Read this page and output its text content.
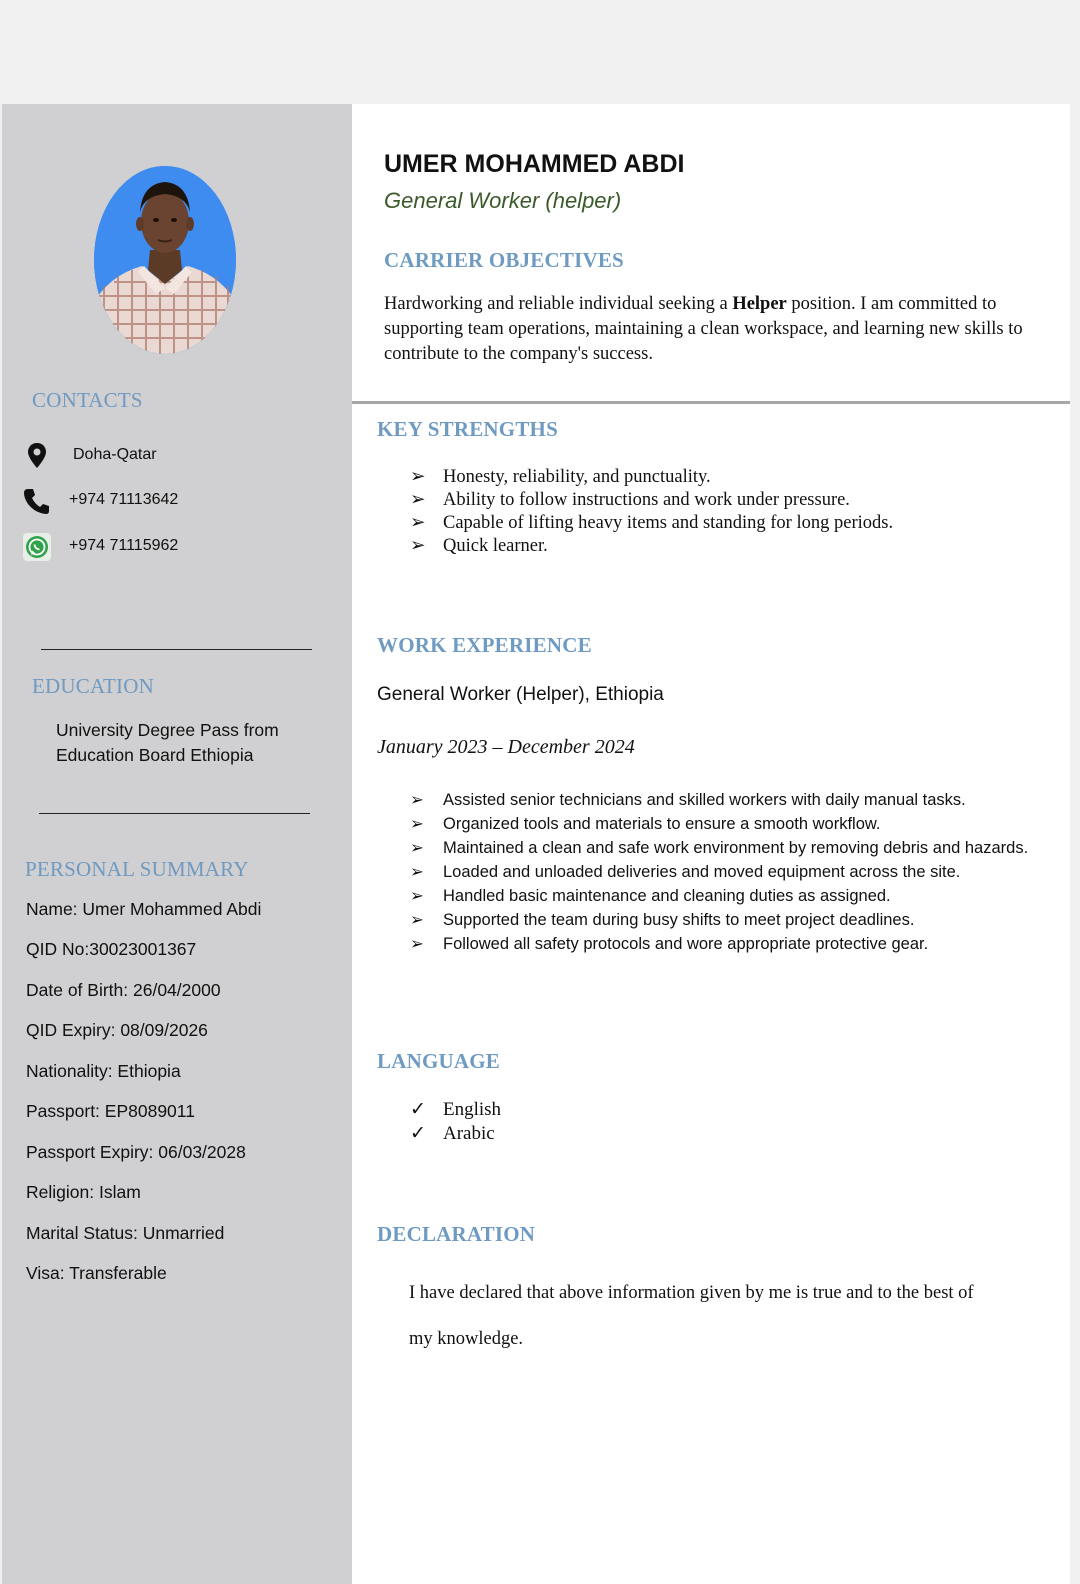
CONTACTS
Doha-Qatar
+974 71113642
+974 71115962
EDUCATION
University Degree Pass from
Education Board Ethiopia
PERSONAL SUMMARY
Name: Umer Mohammed Abdi
QID No:30023001367
Date of Birth: 26/04/2000
QID Expiry: 08/09/2026
Nationality: Ethiopia
Passport: EP8089011
Passport Expiry: 06/03/2028
Religion: Islam
Marital Status: Unmarried
Visa: Transferable
UMER MOHAMMED ABDI
General Worker (helper)
CARRIER OBJECTIVES
Hardworking and reliable individual seeking a Helper position. I am committed to supporting team operations, maintaining a clean workspace, and learning new skills to contribute to the company's success.
KEY STRENGTHS
➢ Honesty, reliability, and punctuality.
➢ Ability to follow instructions and work under pressure.
➢ Capable of lifting heavy items and standing for long periods.
➢ Quick learner.
WORK EXPERIENCE
General Worker (Helper), Ethiopia
January 2023 – December 2024
➢ Assisted senior technicians and skilled workers with daily manual tasks.
➢ Organized tools and materials to ensure a smooth workflow.
➢ Maintained a clean and safe work environment by removing debris and hazards.
➢ Loaded and unloaded deliveries and moved equipment across the site.
➢ Handled basic maintenance and cleaning duties as assigned.
➢ Supported the team during busy shifts to meet project deadlines.
➢ Followed all safety protocols and wore appropriate protective gear.
LANGUAGE
✓ English
✓ Arabic
DECLARATION
I have declared that above information given by me is true and to the best of
my knowledge.
